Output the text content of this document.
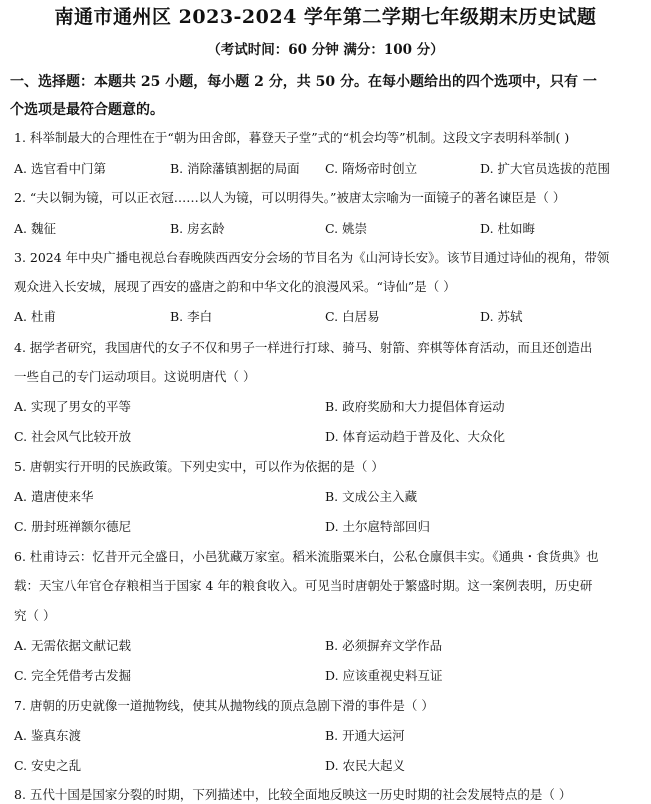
南通市通州区 2023-2024 学年第二学期七年级期末历史试题
（考试时间：60 分钟 满分：100 分）
一、选择题：本题共 25 小题，每小题 2 分，共 50 分。在每小题给出的四个选项中，只有 一
个选项是最符合题意的。
1. 科举制最大的合理性在于“朝为田舍郎，暮登天子堂”式的“机会均等”机制。这段文字表明科举制( )
A. 选官看中门第	B. 消除藩镇割据的局面 C. 隋炀帝时创立	D. 扩大官员选拔的范围
2. “夫以铜为镜，可以正衣冠……以人为镜，可以明得失。”被唐太宗喻为一面镜子的著名谏臣是（ ）
A. 魏征	B. 房玄龄	C. 姚崇	D. 杜如晦
3. 2024 年中央广播电视总台春晚陕西西安分会场的节目名为《山河诗长安》。该节目通过诗仙的视角，带领
观众进入长安城，展现了西安的盛唐之韵和中华文化的浪漫风采。“诗仙”是（ ）
A. 杜甫	B. 李白	C. 白居易	D. 苏轼
4. 据学者研究，我国唐代的女子不仅和男子一样进行打球、骑马、射箭、弈棋等体育活动，而且还创造出
一些自己的专门运动项目。这说明唐代（ ）
A. 实现了男女的平等	B. 政府奖励和大力提倡体育运动
C. 社会风气比较开放	D. 体育运动趋于普及化、大众化
5. 唐朝实行开明的民族政策。下列史实中，可以作为依据的是（ ）
A. 遣唐使来华	B. 文成公主入藏
C. 册封班禅额尔德尼	D. 土尔扈特部回归
6. 杜甫诗云：忆昔开元全盛日，小邑犹藏万家室。稻米流脂粟米白，公私仓廪俱丰实。《通典・食货典》也
载：天宝八年官仓存粮相当于国家 4 年的粮食收入。可见当时唐朝处于繁盛时期。这一案例表明，历史研
究（ ）
A. 无需依据文献记载	B. 必须摒弃文学作品
C. 完全凭借考古发掘	D. 应该重视史料互证
7. 唐朝的历史就像一道抛物线，使其从抛物线的顶点急剧下滑的事件是（ ）
A. 鉴真东渡	B. 开通大运河
C. 安史之乱	D. 农民大起义
8. 五代十国是国家分裂的时期，下列描述中，比较全面地反映这一历史时期的社会发展特点的是（ ）
